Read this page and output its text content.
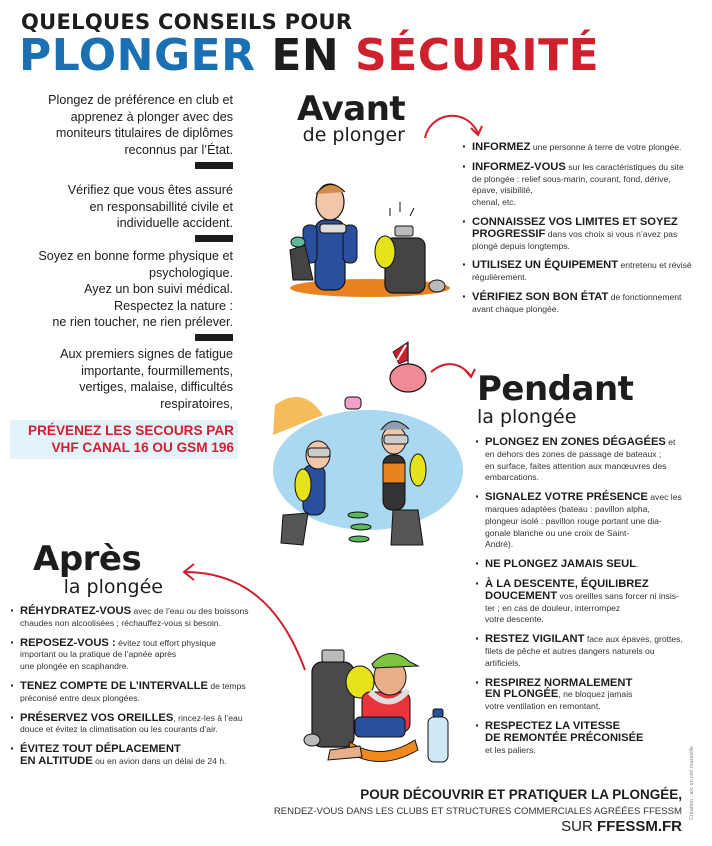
QUELQUES CONSEILS POUR
PLONGER EN SÉCURITÉ

Plongez de préférence en club et

apprenez à plonger avec des

moniteurs titulaires de diplômes

reconnus par l’État.

Vérifiez que vous êtes assuré

en responsabillité civile et

individuelle accident.

Soyez en bonne forme physique et

psychologique.

Ayez un bon suivi médical.

Respectez la nature :

ne rien toucher, ne rien prélever.

Aux premiers signes de fatigue

importante, fourmillements,

vertiges, malaise, difficultés

respiratoires,

PRÉVENEZ LES SECOURS PAR
VHF CANAL 16 OU GSM 196
Avant
de plonger
· INFORMEZ une personne à terre de votre plongée.
· INFORMEZ-VOUS sur les caractéristiques du site
de plongée : relief sous-marin, courant, fond, dérive,
épave, visibilité,
chenal, etc.
· CONNAISSEZ VOS LIMITES ET SOYEZ
PROGRESSIF dans vos choix si vous n’avez pas
plongé depuis longtemps.
· UTILISEZ UN ÉQUIPEMENT entretenu et révisé
régulièrement.
· VÉRIFIEZ SON BON ÉTAT de fonctionnement
avant chaque plongée.
Pendant
la plongée
· PLONGEZ EN ZONES DÉGAGÉES et
en dehors des zones de passage de bateaux ;
en surface, faites attention aux manœuvres des
embarcations.
· SIGNALEZ VOTRE PRÉSENCE avec les
marques adaptées (bateau : pavillon alpha,
plongeur isolé : pavillon rouge portant une dia-
gonale blanche ou une croix de Saint-
André).
· NE PLONGEZ JAMAIS SEUL.
· À LA DESCENTE, ÉQUILIBREZ
DOUCEMENT vos oreilles sans forcer ni insis-
ter ; en cas de douleur, interrompez
votre descente.
· RESTEZ VIGILANT face aux épaves, grottes,
filets de pêche et autres dangers naturels ou
artificiels.
· RESPIREZ NORMALEMENT
EN PLONGÉE, ne bloquez jamais
votre ventilation en remontant.
· RESPECTEZ LA VITESSE
DE REMONTÉE PRÉCONISÉE
et les paliers.
Après
la plongée
· RÉHYDRATEZ-VOUS avec de l’eau ou des boissons
chaudes non alcoolisées ; réchauffez-vous si besoin.
· REPOSEZ-VOUS : évitez tout effort physique
important ou la pratique de l’apnée après
une plongée en scaphandre.
· TENEZ COMPTE DE L’INTERVALLE de temps
préconisé entre deux plongées.
· PRÉSERVEZ VOS OREILLES, rincez-les à l’eau
douce et évitez la climatisation ou les courants d’air.
· ÉVITEZ TOUT DÉPLACEMENT
EN ALTITUDE ou en avion dans un délai de 24 h.
POUR DÉCOUVRIR ET PRATIQUER LA PLONGÉE,
RENDEZ-VOUS DANS LES CLUBS ET STRUCTURES COMMERCIALES AGRÉÉES FFESSM
SUR FFESSM.FR
Création : arc en ciel marseille
